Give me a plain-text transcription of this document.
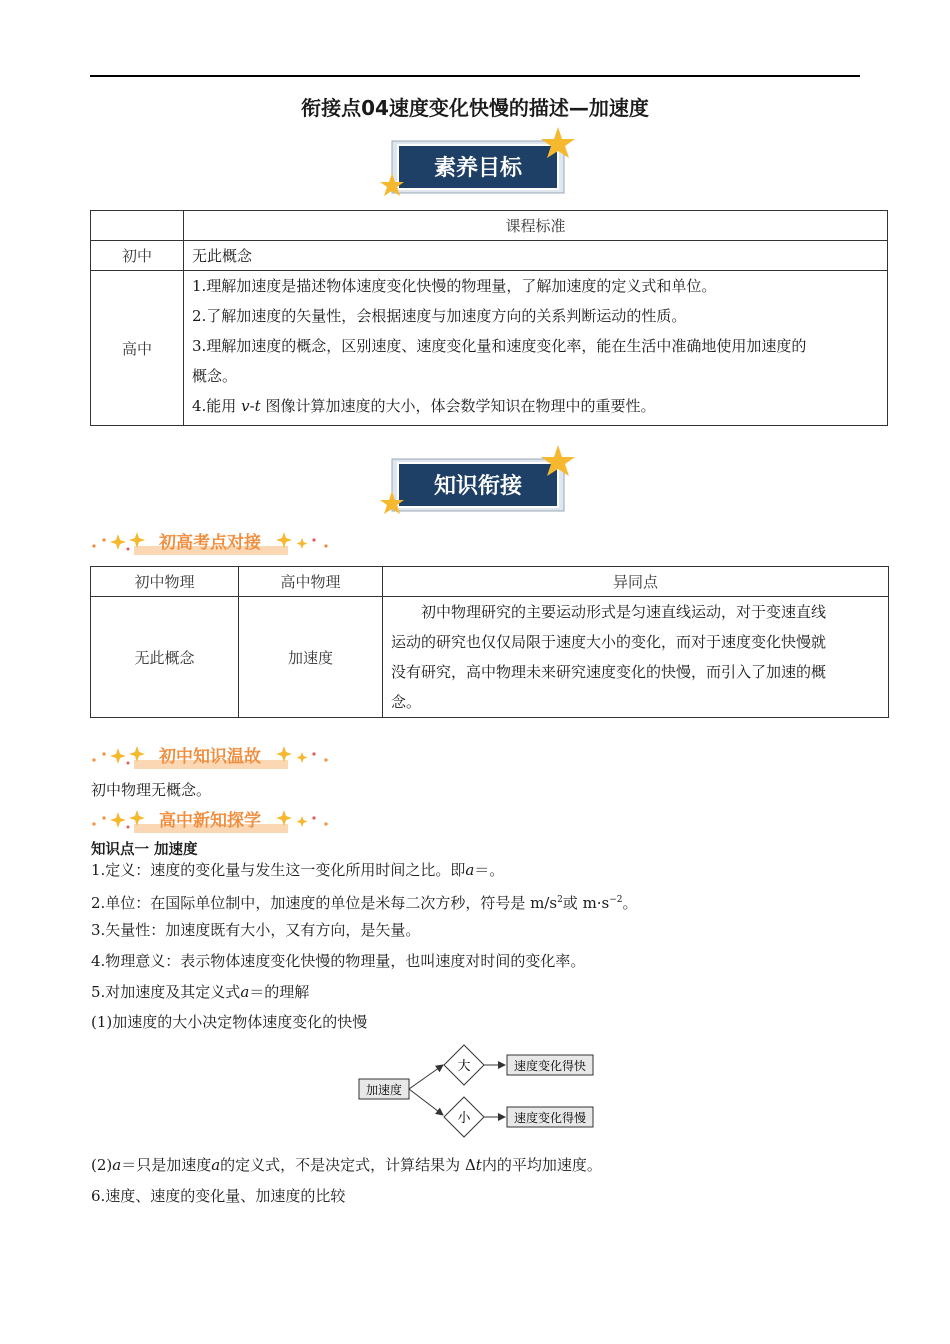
衔接点04速度变化快慢的描述—加速度
素养目标
	课程标准
初中	无此概念
高中	1.理解加速度是描述物体速度变化快慢的物理量，了解加速度的定义式和单位。
2.了解加速度的矢量性，会根据速度与加速度方向的关系判断运动的性质。
3.理解加速度的概念，区别速度、速度变化量和速度变化率，能在生活中准确地使用加速度的
概念。
4.能用 v-t 图像计算加速度的大小，体会数学知识在物理中的重要性。
知识衔接
初高考点对接
初中物理	高中物理	异同点
无此概念	加速度	初中物理研究的主要运动形式是匀速直线运动，对于变速直线
运动的研究也仅仅局限于速度大小的变化，而对于速度变化快慢就
没有研究，高中物理未来研究速度变化的快慢，而引入了加速的概
念。
初中知识温故
初中物理无概念。
高中新知探学
知识点一 加速度
1.定义：速度的变化量与发生这一变化所用时间之比。即a＝。
2.单位：在国际单位制中，加速度的单位是米每二次方秒，符号是 $m/s^2$或 $m\cdot s^{-2}$。
3.矢量性：加速度既有大小，又有方向，是矢量。
4.物理意义：表示物体速度变化快慢的物理量，也叫速度对时间的变化率。
5.对加速度及其定义式a＝的理解
(1)加速度的大小决定物体速度变化的快慢
加速度
大
小
速度变化得快
速度变化得慢
(2)a＝只是加速度a的定义式，不是决定式，计算结果为 Δt内的平均加速度。
6.速度、速度的变化量、加速度的比较
